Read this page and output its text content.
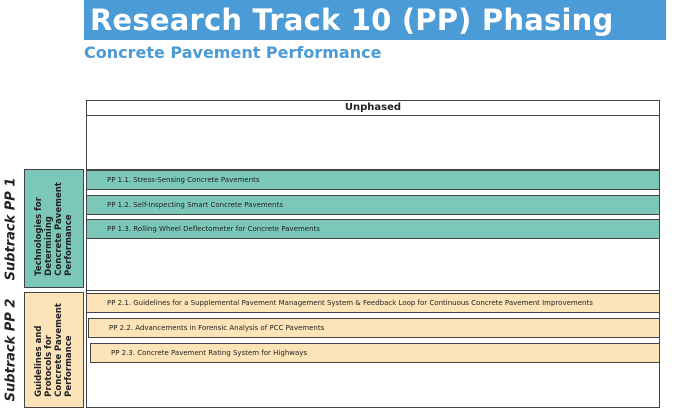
Research Track 10 (PP) Phasing
Concrete Pavement Performance
Unphased
Subtrack PP 1 Technologies for
Determining
Concrete Pavement
Performance
PP 1.1. Stress-Sensing Concrete Pavements
PP 1.2. Self-Inspecting Smart Concrete Pavements
PP 1.3. Rolling Wheel Deflectometer for Concrete Pavements
Subtrack PP 2 Guidelines and
Protocols for
Concrete Pavement
Performance
PP 2.1. Guidelines for a Supplemental Pavement Management System & Feedback Loop for Continuous Concrete Pavement Improvements
PP 2.2. Advancements in Forensic Analysis of PCC Pavements
PP 2.3. Concrete Pavement Rating System for Highways
